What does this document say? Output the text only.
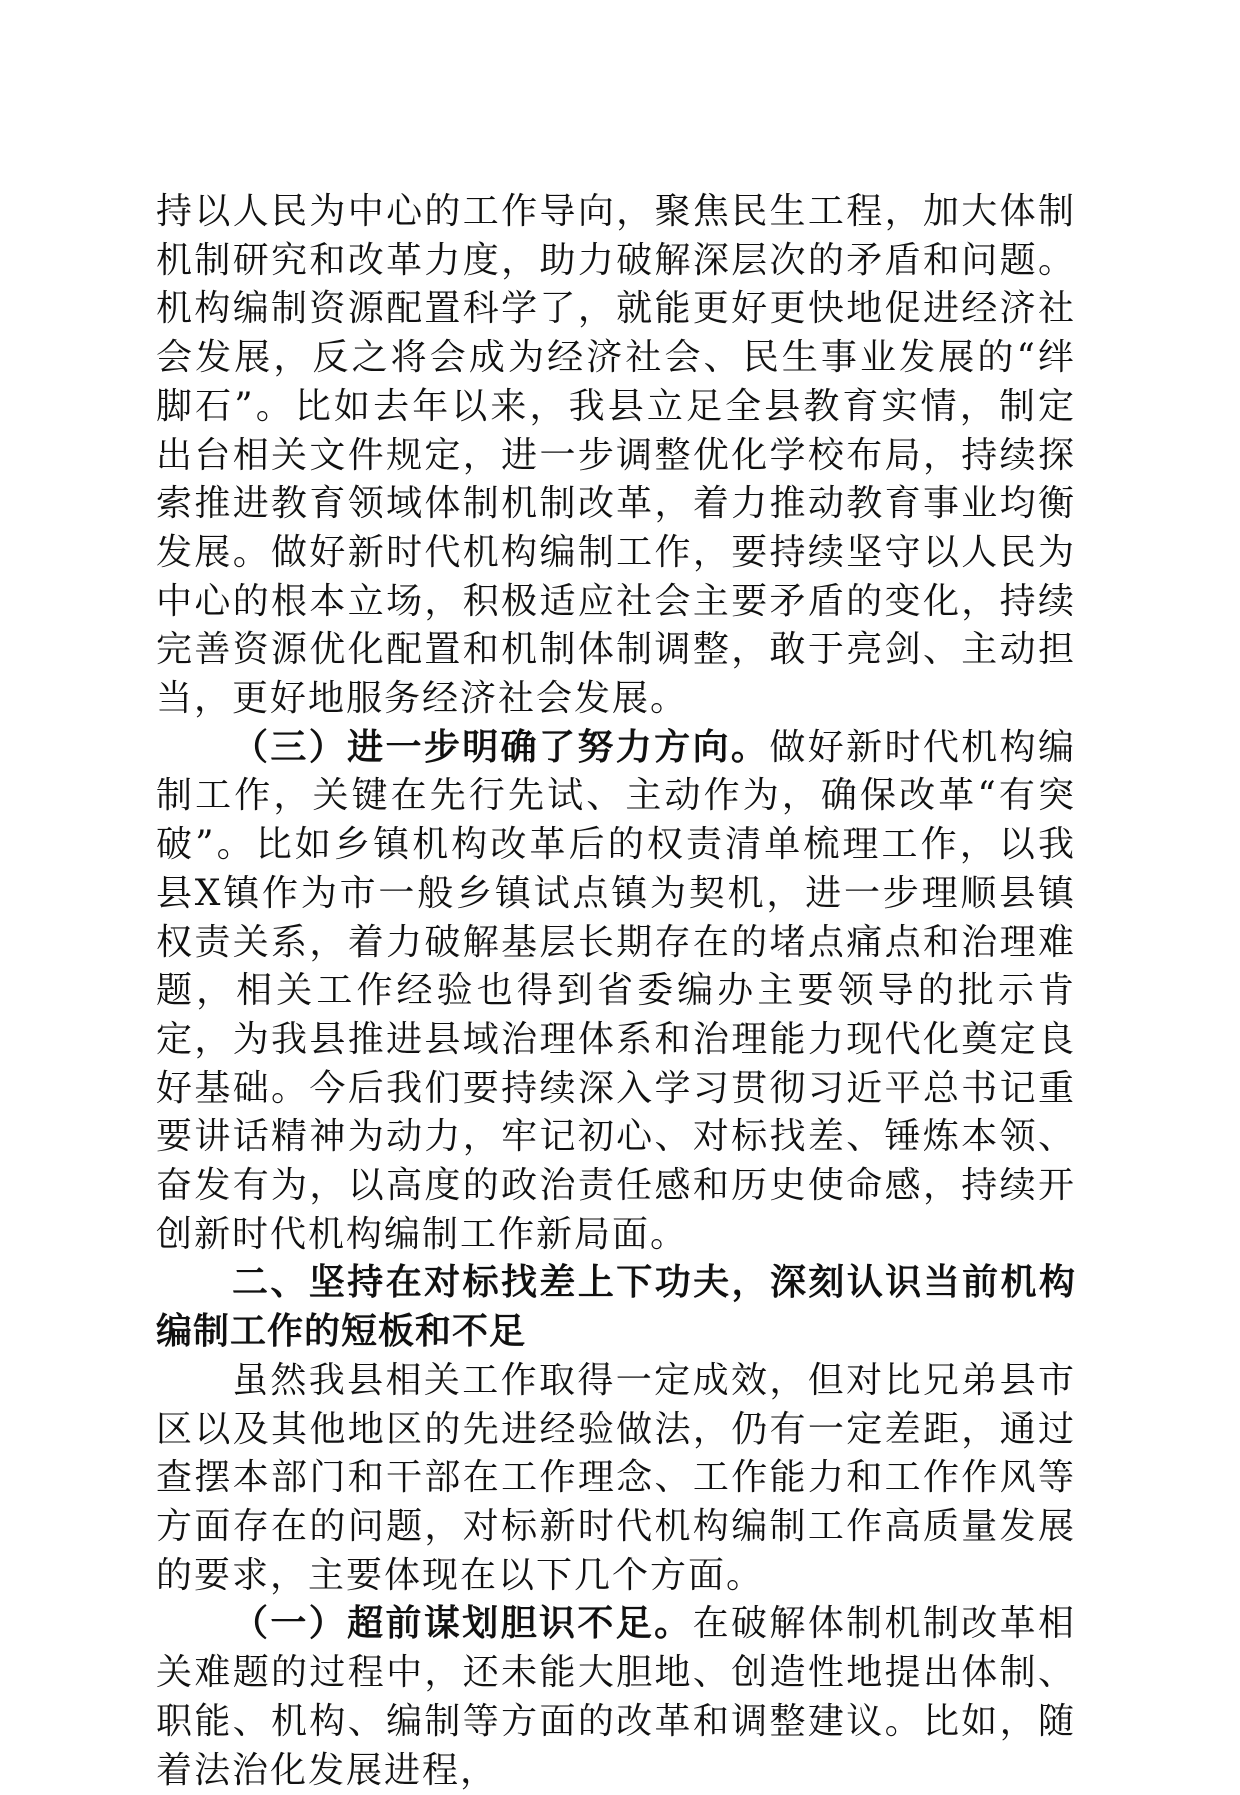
持以人民为中心的工作导向，聚焦民生工程，加大体制机制研究和改革力度，助力破解深层次的矛盾和问题。机构编制资源配置科学了，就能更好更快地促进经济社会发展，反之将会成为经济社会、民生事业发展的“绊脚石”。比如去年以来，我县立足全县教育实情，制定出台相关文件规定，进一步调整优化学校布局，持续探索推进教育领域体制机制改革，着力推动教育事业均衡发展。做好新时代机构编制工作，要持续坚守以人民为中心的根本立场，积极适应社会主要矛盾的变化，持续完善资源优化配置和机制体制调整，敢于亮剑、主动担当，更好地服务经济社会发展。

（三）进一步明确了努力方向。做好新时代机构编制工作，关键在先行先试、主动作为，确保改革“有突破”。比如乡镇机构改革后的权责清单梳理工作，以我县X镇作为市一般乡镇试点镇为契机，进一步理顺县镇权责关系，着力破解基层长期存在的堵点痛点和治理难题，相关工作经验也得到省委编办主要领导的批示肯定，为我县推进县域治理体系和治理能力现代化奠定良好基础。今后我们要持续深入学习贯彻习近平总书记重要讲话精神为动力，牢记初心、对标找差、锤炼本领、奋发有为，以高度的政治责任感和历史使命感，持续开创新时代机构编制工作新局面。

二、坚持在对标找差上下功夫，深刻认识当前机构编制工作的短板和不足

虽然我县相关工作取得一定成效，但对比兄弟县市区以及其他地区的先进经验做法，仍有一定差距，通过查摆本部门和干部在工作理念、工作能力和工作作风等方面存在的问题，对标新时代机构编制工作高质量发展的要求，主要体现在以下几个方面。

（一）超前谋划胆识不足。在破解体制机制改革相关难题的过程中，还未能大胆地、创造性地提出体制、职能、机构、编制等方面的改革和调整建议。比如，随着法治化发展进程，
